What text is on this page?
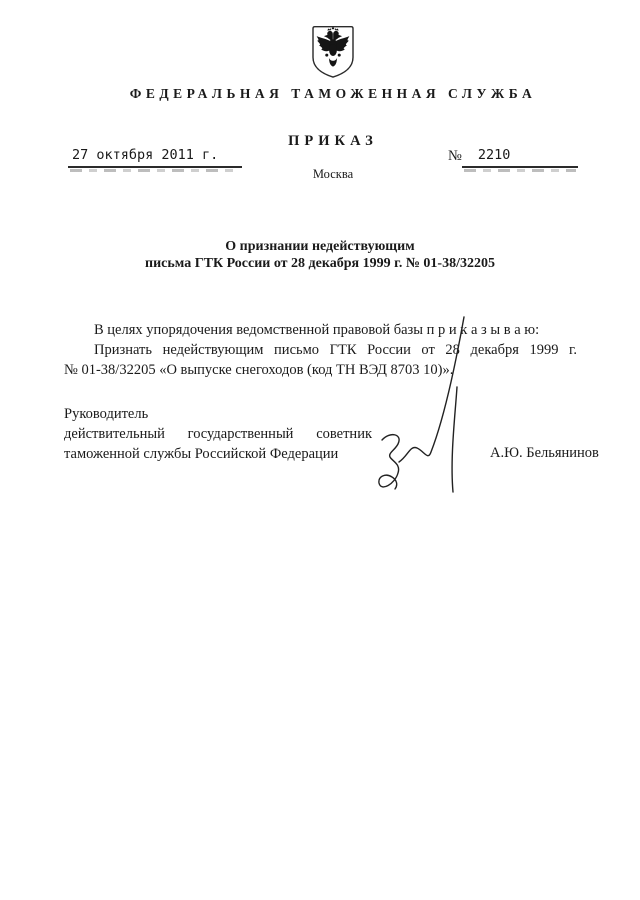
ФЕДЕРАЛЬНАЯ ТАМОЖЕННАЯ СЛУЖБА
ПРИКАЗ
27 октября 2011 г.	№	2210
Москва
О признании недействующим
письма ГТК России от 28 декабря 1999 г. № 01-38/32205
В целях упорядочения ведомственной правовой базы п р и к а з ы в а ю:
Признать недействующим письмо ГТК России от 28 декабря 1999 г.
№ 01-38/32205 «О выпуске снегоходов (код ТН ВЭД 8703 10)».
Руководитель
действительный государственный советник
таможенной службы Российской Федерации	А.Ю. Бельянинов
